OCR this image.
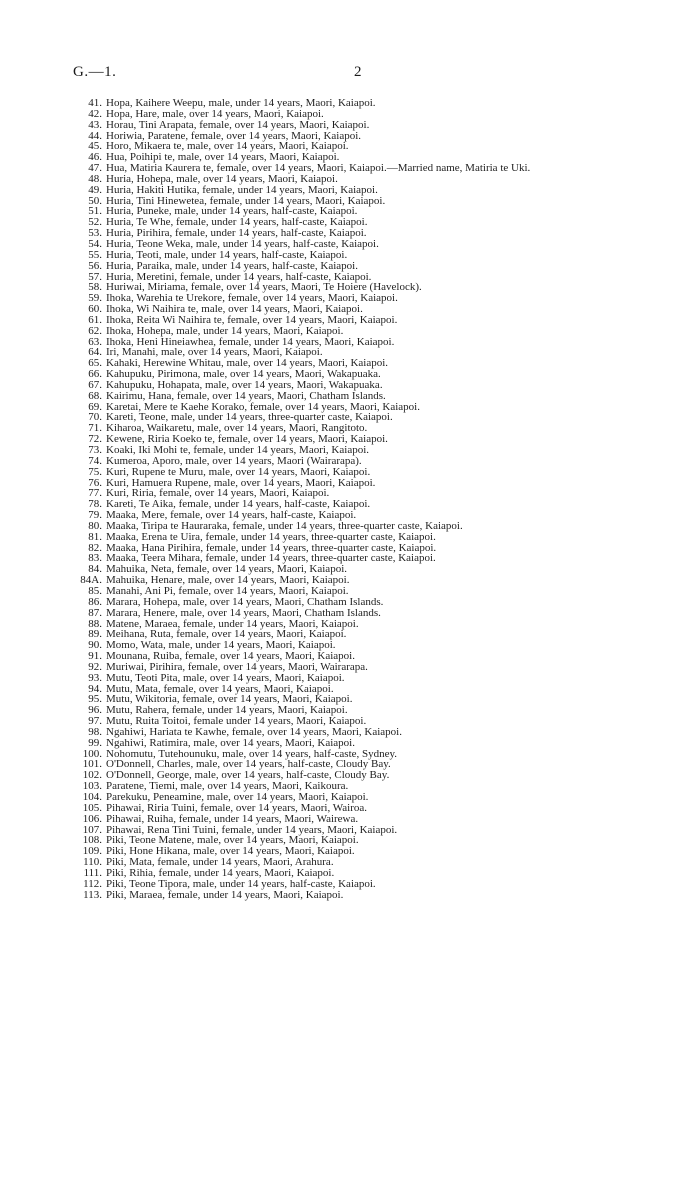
G.—1.	2
41. Hopa, Kaihere Weepu, male, under 14 years, Maori, Kaiapoi.
42. Hopa, Hare, male, over 14 years, Maori, Kaiapoi.
43. Horau, Tini Arapata, female, over 14 years, Maori, Kaiapoi.
44. Horiwia, Paratene, female, over 14 years, Maori, Kaiapoi.
45. Horo, Mikaera te, male, over 14 years, Maori, Kaiapoi.
46. Hua, Poihipi te, male, over 14 years, Maori, Kaiapoi.
47. Hua, Matiria Kaurera te, female, over 14 years, Maori, Kaiapoi.—Married name, Matiria te Uki.
48. Huria, Hohepa, male, over 14 years, Maori, Kaiapoi.
49. Huria, Hakiti Hutika, female, under 14 years, Maori, Kaiapoi.
50. Huria, Tini Hinewetea, female, under 14 years, Maori, Kaiapoi.
51. Huria, Puneke, male, under 14 years, half-caste, Kaiapoi.
52. Huria, Te Whe, female, under 14 years, half-caste, Kaiapoi.
53. Huria, Pirihira, female, under 14 years, half-caste, Kaiapoi.
54. Huria, Teone Weka, male, under 14 years, half-caste, Kaiapoi.
55. Huria, Teoti, male, under 14 years, half-caste, Kaiapoi.
56. Huria, Paraika, male, under 14 years, half-caste, Kaiapoi.
57. Huria, Meretini, female, under 14 years, half-caste, Kaiapoi.
58. Huriwai, Miriama, female, over 14 years, Maori, Te Hoiere (Havelock).
59. Ihoka, Warehia te Urekore, female, over 14 years, Maori, Kaiapoi.
60. Ihoka, Wi Naihira te, male, over 14 years, Maori, Kaiapoi.
61. Ihoka, Reita Wi Naihira te, female, over 14 years, Maori, Kaiapoi.
62. Ihoka, Hohepa, male, under 14 years, Maori, Kaiapoi.
63. Ihoka, Heni Hineiawhea, female, under 14 years, Maori, Kaiapoi.
64. Iri, Manahi, male, over 14 years, Maori, Kaiapoi.
65. Kahaki, Herewine Whitau, male, over 14 years, Maori, Kaiapoi.
66. Kahupuku, Pirimona, male, over 14 years, Maori, Wakapuaka.
67. Kahupuku, Hohapata, male, over 14 years, Maori, Wakapuaka.
68. Kairimu, Hana, female, over 14 years, Maori, Chatham Islands.
69. Karetai, Mere te Kaehe Korako, female, over 14 years, Maori, Kaiapoi.
70. Kareti, Teone, male, under 14 years, three-quarter caste, Kaiapoi.
71. Kiharoa, Waikaretu, male, over 14 years, Maori, Rangitoto.
72. Kewene, Riria Koeko te, female, over 14 years, Maori, Kaiapoi.
73. Koaki, Iki Mohi te, female, under 14 years, Maori, Kaiapoi.
74. Kumeroa, Aporo, male, over 14 years, Maori (Wairarapa).
75. Kuri, Rupene te Muru, male, over 14 years, Maori, Kaiapoi.
76. Kuri, Hamuera Rupene, male, over 14 years, Maori, Kaiapoi.
77. Kuri, Riria, female, over 14 years, Maori, Kaiapoi.
78. Kareti, Te Aika, female, under 14 years, half-caste, Kaiapoi.
79. Maaka, Mere, female, over 14 years, half-caste, Kaiapoi.
80. Maaka, Tiripa te Hauraraka, female, under 14 years, three-quarter caste, Kaiapoi.
81. Maaka, Erena te Uira, female, under 14 years, three-quarter caste, Kaiapoi.
82. Maaka, Hana Pirihira, female, under 14 years, three-quarter caste, Kaiapoi.
83. Maaka, Teera Mihara, female, under 14 years, three-quarter caste, Kaiapoi.
84. Mahuika, Neta, female, over 14 years, Maori, Kaiapoi.
84A. Mahuika, Henare, male, over 14 years, Maori, Kaiapoi.
85. Manahi, Ani Pi, female, over 14 years, Maori, Kaiapoi.
86. Marara, Hohepa, male, over 14 years, Maori, Chatham Islands.
87. Marara, Henere, male, over 14 years, Maori, Chatham Islands.
88. Matene, Maraea, female, under 14 years, Maori, Kaiapoi.
89. Meihana, Ruta, female, over 14 years, Maori, Kaiapoi.
90. Momo, Wata, male, under 14 years, Maori, Kaiapoi.
91. Mounana, Ruiba, female, over 14 years, Maori, Kaiapoi.
92. Muriwai, Pirihira, female, over 14 years, Maori, Wairarapa.
93. Mutu, Teoti Pita, male, over 14 years, Maori, Kaiapoi.
94. Mutu, Mata, female, over 14 years, Maori, Kaiapoi.
95. Mutu, Wikitoria, female, over 14 years, Maori, Kaiapoi.
96. Mutu, Rahera, female, under 14 years, Maori, Kaiapoi.
97. Mutu, Ruita Toitoi, female under 14 years, Maori, Kaiapoi.
98. Ngahiwi, Hariata te Kawhe, female, over 14 years, Maori, Kaiapoi.
99. Ngahiwi, Ratimira, male, over 14 years, Maori, Kaiapoi.
100. Nohomutu, Tutehounuku, male, over 14 years, half-caste, Sydney.
101. O'Donnell, Charles, male, over 14 years, half-caste, Cloudy Bay.
102. O'Donnell, George, male, over 14 years, half-caste, Cloudy Bay.
103. Paratene, Tiemi, male, over 14 years, Maori, Kaikoura.
104. Parekuku, Peneamine, male, over 14 years, Maori, Kaiapoi.
105. Pihawai, Riria Tuini, female, over 14 years, Maori, Wairoa.
106. Pihawai, Ruiha, female, under 14 years, Maori, Wairewa.
107. Pihawai, Rena Tini Tuini, female, under 14 years, Maori, Kaiapoi.
108. Piki, Teone Matene, male, over 14 years, Maori, Kaiapoi.
109. Piki, Hone Hikana, male, over 14 years, Maori, Kaiapoi.
110. Piki, Mata, female, under 14 years, Maori, Arahura.
111. Piki, Rihia, female, under 14 years, Maori, Kaiapoi.
112. Piki, Teone Tipora, male, under 14 years, half-caste, Kaiapoi.
113. Piki, Maraea, female, under 14 years, Maori, Kaiapoi.
